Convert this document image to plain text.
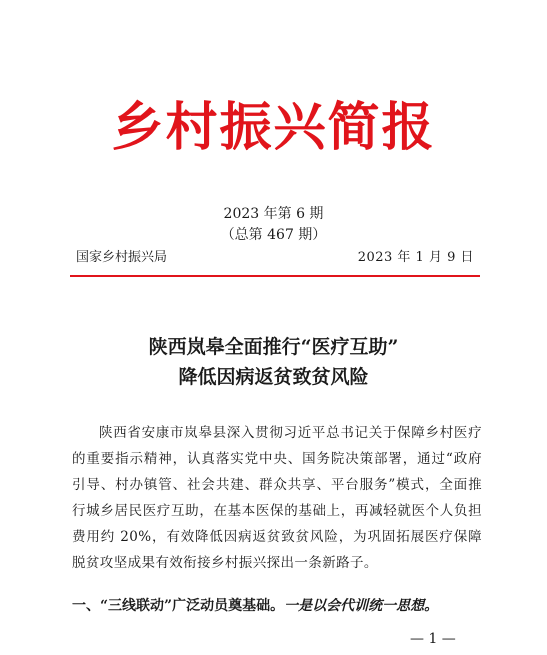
乡村振兴简报
2023 年第 6 期
（总第 467 期）
国家乡村振兴局	2023 年 1 月 9 日
陕西岚皋全面推行“医疗互助”
降低因病返贫致贫风险
陕西省安康市岚皋县深入贯彻习近平总书记关于保障乡村医疗的重要指示精神，认真落实党中央、国务院决策部署，通过“政府引导、村办镇管、社会共建、群众共享、平台服务”模式，全面推行城乡居民医疗互助，在基本医保的基础上，再减轻就医个人负担费用约 20%，有效降低因病返贫致贫风险，为巩固拓展医疗保障脱贫攻坚成果有效衔接乡村振兴探出一条新路子。
一、“三线联动”广泛动员奠基础。一是以会代训统一思想。
— 1 —
